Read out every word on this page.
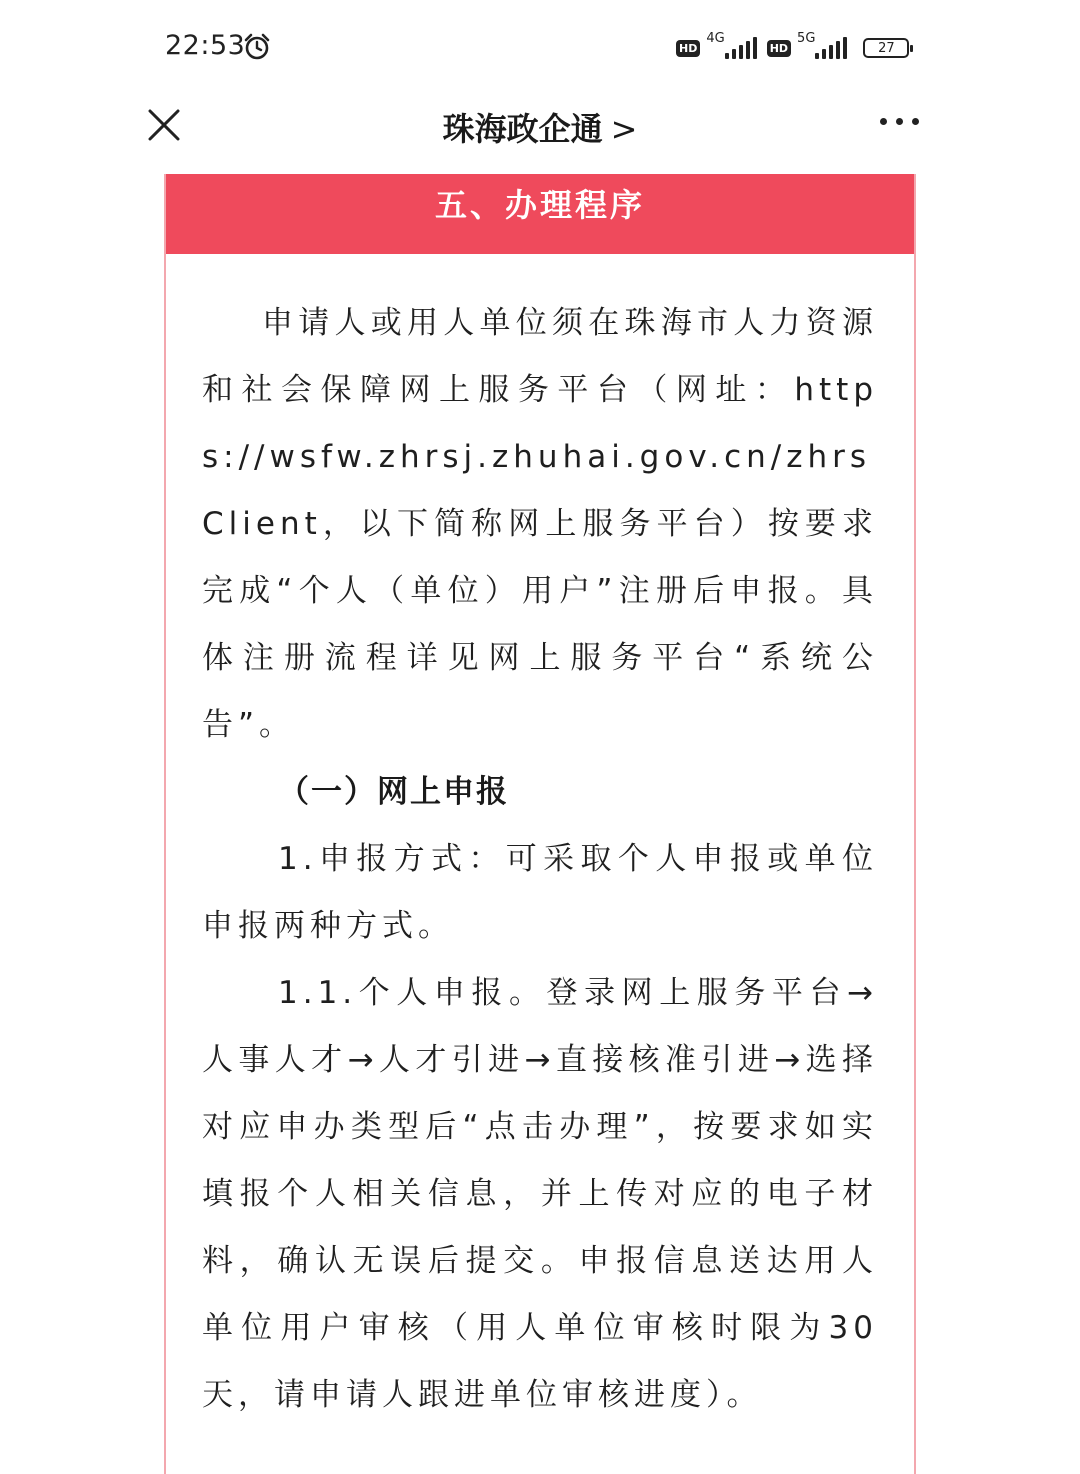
22:53	HD
4G
HD
5G
27
珠海政企通 >
五、办理程序

申请人或用人单位须在珠海市人力资源和社会保障网上服务平台（网址：https://wsfw.zhrsj.zhuhai.gov.cn/zhrsClient，以下简称网上服务平台）按要求完成“个人（单位）用户”注册后申报。具体注册流程详见网上服务平台“系统公告”。

（一）网上申报

1.申报方式：可采取个人申报或单位申报两种方式。

1.1.个人申报。登录网上服务平台→人事人才→人才引进→直接核准引进→选择对应申办类型后“点击办理”，按要求如实填报个人相关信息，并上传对应的电子材料，确认无误后提交。申报信息送达用人单位用户审核（用人单位审核时限为30天，请申请人跟进单位审核进度）。
